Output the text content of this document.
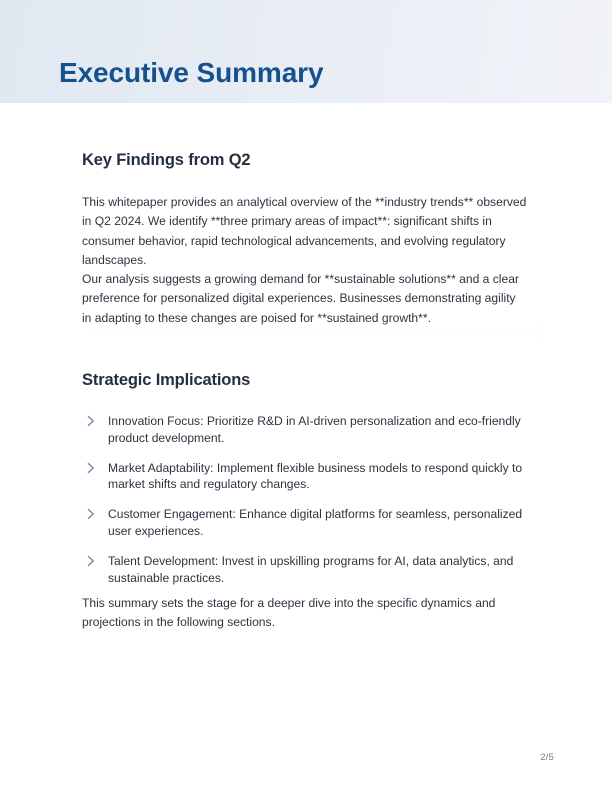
Executive Summary
Key Findings from Q2

This whitepaper provides an analytical overview of the **industry trends** observed in Q2 2024. We identify **three primary areas of impact**: significant shifts in consumer behavior, rapid technological advancements, and evolving regulatory landscapes.

Our analysis suggests a growing demand for **sustainable solutions** and a clear preference for personalized digital experiences. Businesses demonstrating agility in adapting to these changes are poised for **sustained growth**.

Strategic Implications
Innovation Focus: Prioritize R&D in AI-driven personalization and eco-friendly product development.
Market Adaptability: Implement flexible business models to respond quickly to market shifts and regulatory changes.
Customer Engagement: Enhance digital platforms for seamless, personalized user experiences.
Talent Development: Invest in upskilling programs for AI, data analytics, and sustainable practices.

This summary sets the stage for a deeper dive into the specific dynamics and projections in the following sections.

2/5
